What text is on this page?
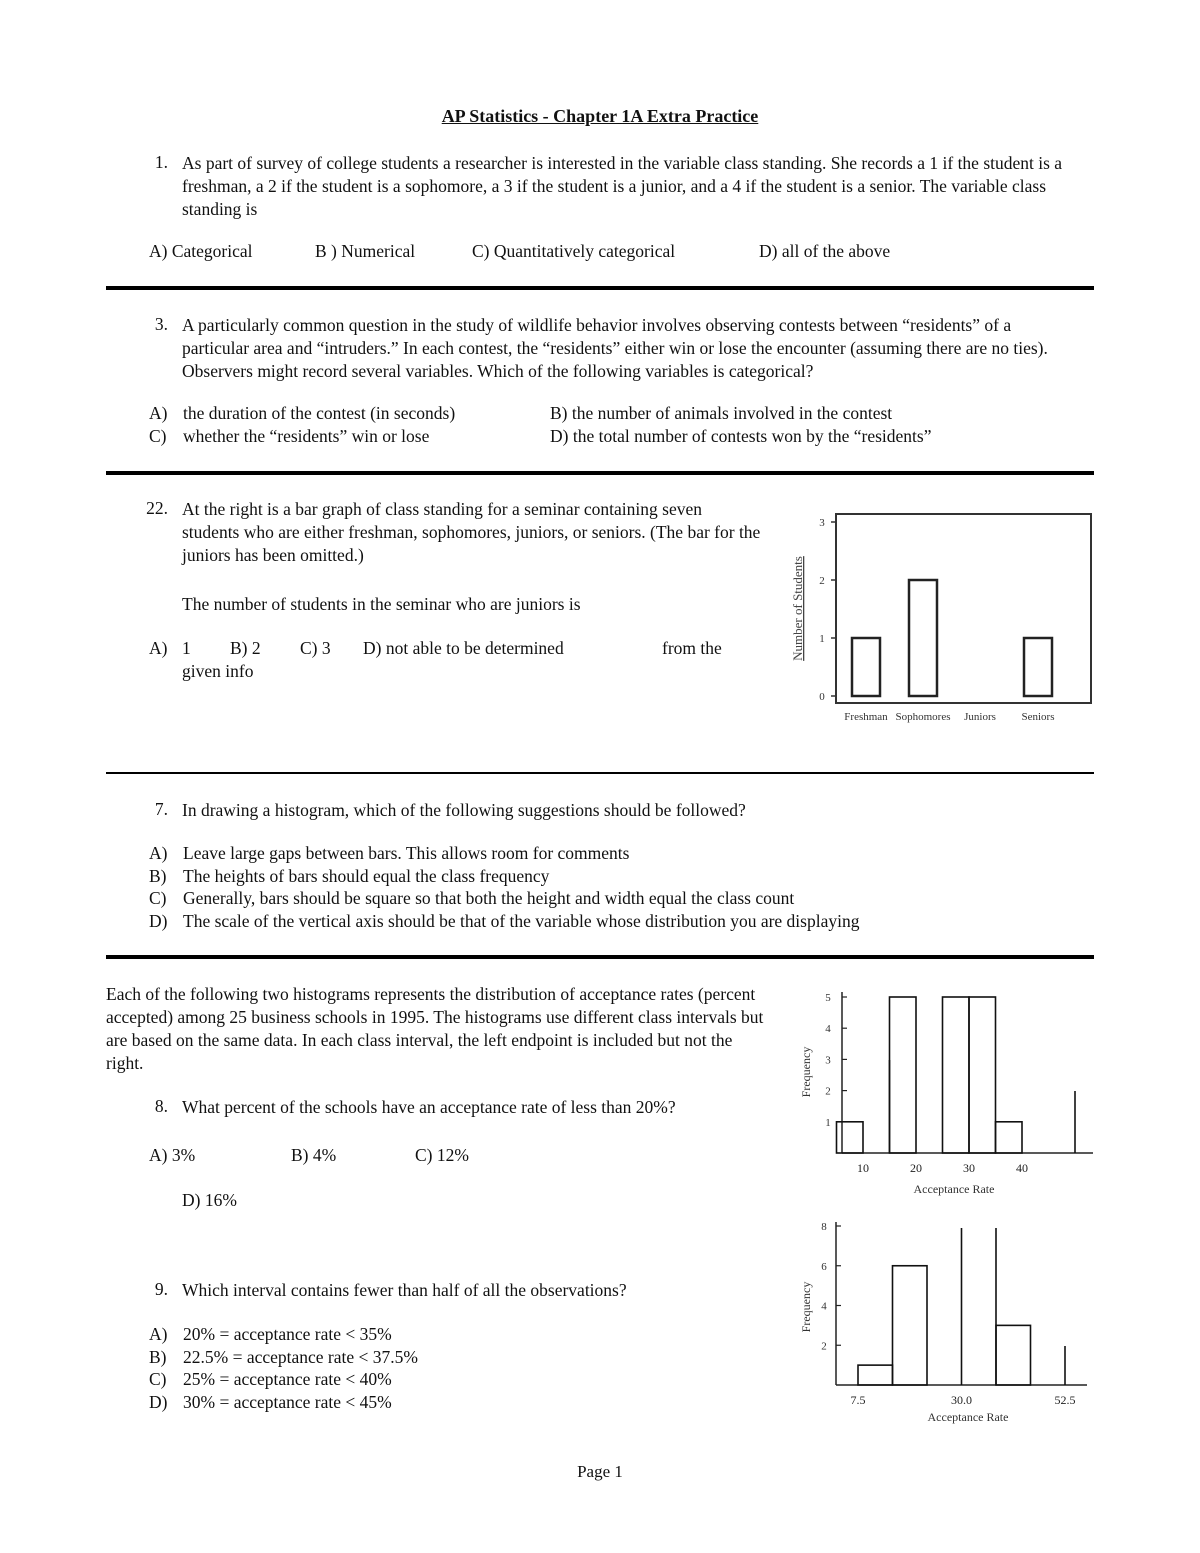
AP Statistics - Chapter 1A Extra Practice
1. As part of survey of college students a researcher is interested in the variable class standing. She records a 1 if the student is a freshman, a 2 if the student is a sophomore, a 3 if the student is a junior, and a 4 if the student is a senior. The variable class standing is
A) Categorical	B ) Numerical	C) Quantitatively categorical	D) all of the above
3. A particularly common question in the study of wildlife behavior involves observing contests between “residents” of a particular area and “intruders.” In each contest, the “residents” either win or lose the encounter (assuming there are no ties). Observers might record several variables. Which of the following variables is categorical?
A) the duration of the contest (in seconds)	B) the number of animals involved in the contest
C) whether the “residents” win or lose	D) the total number of contests won by the “residents”
22. At the right is a bar graph of class standing for a seminar containing seven students who are either freshman, sophomores, juniors, or seniors. (The bar for the juniors has been omitted.)
The number of students in the seminar who are juniors is
A) 1 B) 2 C) 3 D) not able to be determined	from the
given info
0
1
2
3
Number of Students
Freshman Sophomores Juniors Seniors
7. In drawing a histogram, which of the following suggestions should be followed?
A) Leave large gaps between bars. This allows room for comments
B) The heights of bars should equal the class frequency
C) Generally, bars should be square so that both the height and width equal the class count
D) The scale of the vertical axis should be that of the variable whose distribution you are displaying
Each of the following two histograms represents the distribution of acceptance rates (percent accepted) among 25 business schools in 1995. The histograms use different class intervals but are based on the same data. In each class interval, the left endpoint is included but not the right.
8. What percent of the schools have an acceptance rate of less than 20%?
A) 3%	B) 4%	C) 12%
D) 16%
9. Which interval contains fewer than half of all the observations?
A) 20% = acceptance rate < 35%
B) 22.5% = acceptance rate < 37.5%
C) 25% = acceptance rate < 40%
D) 30% = acceptance rate < 45%
1
2
3
4
5
Frequency
10	20	30	40
Acceptance Rate
2
4
6
8
Frequency
7.5	30.0	52.5
Acceptance Rate
Page 1
